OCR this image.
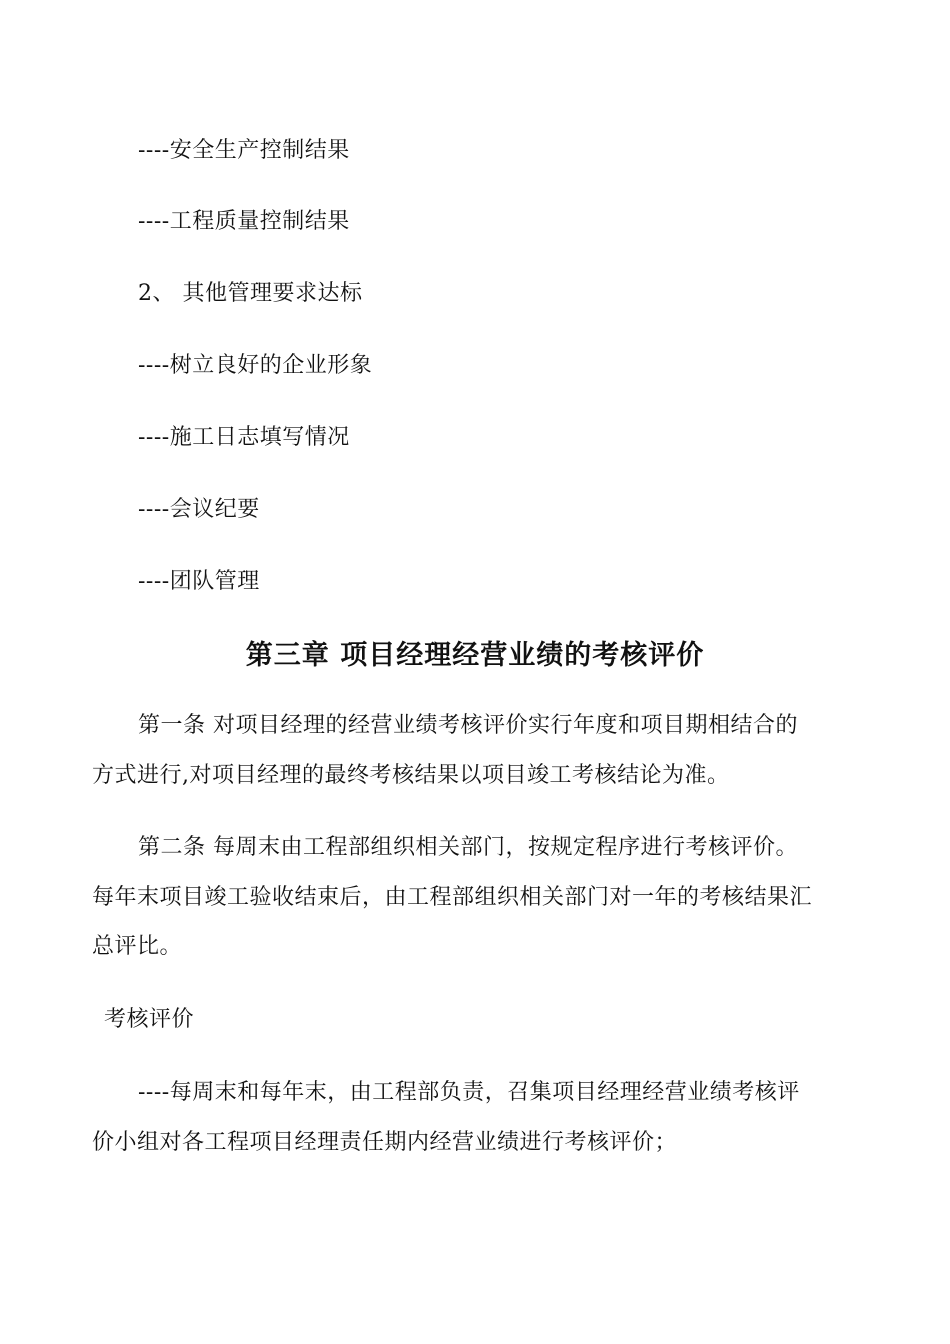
----安全生产控制结果
----工程质量控制结果
2、 其他管理要求达标
----树立良好的企业形象
----施工日志填写情况
----会议纪要
----团队管理
第三章 项目经理经营业绩的考核评价
第一条 对项目经理的经营业绩考核评价实行年度和项目期相结合的
方式进行,对项目经理的最终考核结果以项目竣工考核结论为准。
第二条 每周末由工程部组织相关部门，按规定程序进行考核评价。
每年末项目竣工验收结束后，由工程部组织相关部门对一年的考核结果汇
总评比。
考核评价
----每周末和每年末，由工程部负责，召集项目经理经营业绩考核评
价小组对各工程项目经理责任期内经营业绩进行考核评价；
